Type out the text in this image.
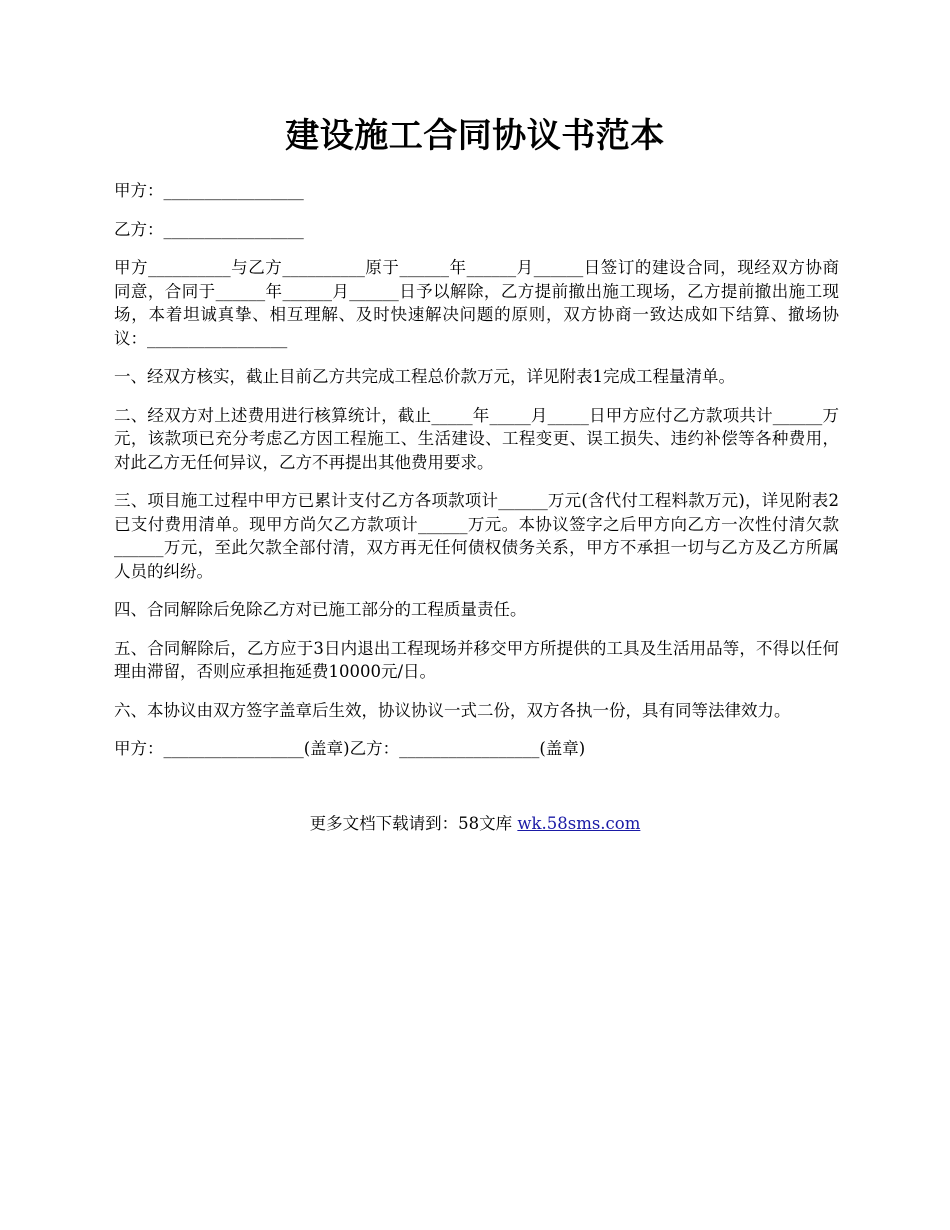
建设施工合同协议书范本

甲方：_________________

乙方：_________________

甲方__________与乙方__________原于______年______月______日签订的建设合同，现经双方协商同意，合同于______年______月______日予以解除，乙方提前撤出施工现场，乙方提前撤出施工现场，本着坦诚真挚、相互理解、及时快速解决问题的原则，双方协商一致达成如下结算、撤场协议：_________________

一、经双方核实，截止目前乙方共完成工程总价款万元，详见附表1完成工程量清单。

二、经双方对上述费用进行核算统计，截止_____年_____月_____日甲方应付乙方款项共计______万元，该款项已充分考虑乙方因工程施工、生活建设、工程变更、误工损失、违约补偿等各种费用，对此乙方无任何异议，乙方不再提出其他费用要求。

三、项目施工过程中甲方已累计支付乙方各项款项计______万元(含代付工程料款万元)，详见附表2已支付费用清单。现甲方尚欠乙方款项计______万元。本协议签字之后甲方向乙方一次性付清欠款______万元，至此欠款全部付清，双方再无任何债权债务关系，甲方不承担一切与乙方及乙方所属人员的纠纷。

四、合同解除后免除乙方对已施工部分的工程质量责任。

五、合同解除后，乙方应于3日内退出工程现场并移交甲方所提供的工具及生活用品等，不得以任何理由滞留，否则应承担拖延费10000元/日。

六、本协议由双方签字盖章后生效，协议协议一式二份，双方各执一份，具有同等法律效力。

甲方：_________________(盖章)乙方：_________________(盖章)

更多文档下载请到：58文库 wk.58sms.com
